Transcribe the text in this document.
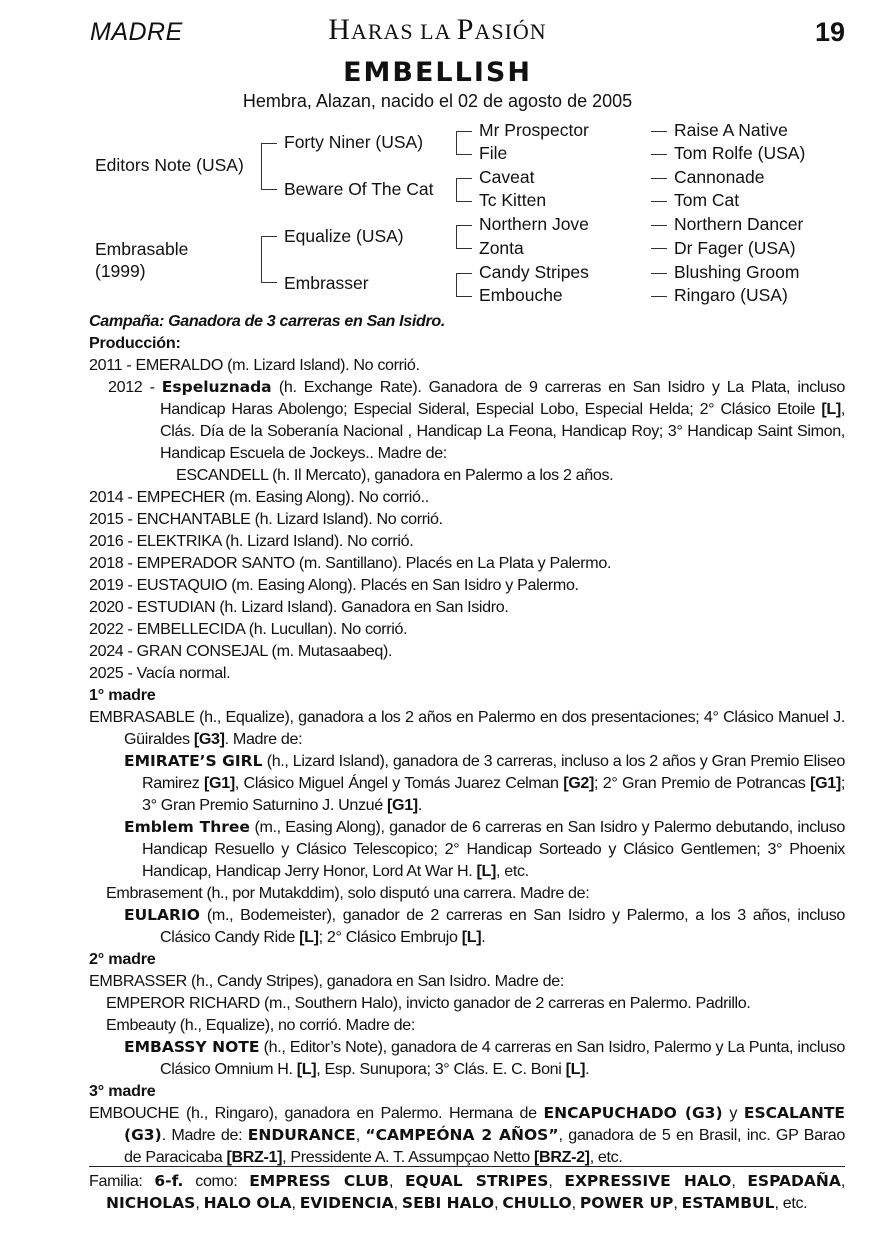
MADRE	HARAS LA PASIÓN	19
EMBELLISH
Hembra, Alazan, nacido el 02 de agosto de 2005
Editors Note (USA)
Embrasable
(1999)
Forty Niner (USA)
Beware Of The Cat
Equalize (USA)
Embrasser
Mr Prospector
File
Caveat
Tc Kitten
Northern Jove
Zonta
Candy Stripes
Embouche
Raise A Native
Tom Rolfe (USA)
Cannonade
Tom Cat
Northern Dancer
Dr Fager (USA)
Blushing Groom
Ringaro (USA)

Campaña: Ganadora de 3 carreras en San Isidro.

Producción:

2011 - EMERALDO (m. Lizard Island). No corrió.

2012 - Espeluznada (h. Exchange Rate). Ganadora de 9 carreras en San Isidro y La Plata, incluso Handicap Haras Abolengo; Especial Sideral, Especial Lobo, Especial Helda; 2° Clásico Etoile [L], Clás. Día de la Soberanía Nacional , Handicap La Feona, Handicap Roy; 3° Handicap Saint Simon, Handicap Escuela de Jockeys.. Madre de:

ESCANDELL (h. Il Mercato), ganadora en Palermo a los 2 años.

2014 - EMPECHER (m. Easing Along). No corrió..

2015 - ENCHANTABLE (h. Lizard Island). No corrió.

2016 - ELEKTRIKA (h. Lizard Island). No corrió.

2018 - EMPERADOR SANTO (m. Santillano). Placés en La Plata y Palermo.

2019 - EUSTAQUIO (m. Easing Along). Placés en San Isidro y Palermo.

2020 - ESTUDIAN (h. Lizard Island). Ganadora en San Isidro.

2022 - EMBELLECIDA (h. Lucullan). No corrió.

2024 - GRAN CONSEJAL (m. Mutasaabeq).

2025 - Vacía normal.

1° madre

EMBRASABLE (h., Equalize), ganadora a los 2 años en Palermo en dos presentaciones; 4° Clásico Manuel J. Güiraldes [G3]. Madre de:

EMIRATE’S GIRL (h., Lizard Island), ganadora de 3 carreras, incluso a los 2 años y Gran Premio Eliseo Ramirez [G1], Clásico Miguel Ángel y Tomás Juarez Celman [G2]; 2° Gran Premio de Potrancas [G1]; 3° Gran Premio Saturnino J. Unzué [G1].

Emblem Three (m., Easing Along), ganador de 6 carreras en San Isidro y Palermo debutando, incluso Handicap Resuello y Clásico Telescopico; 2° Handicap Sorteado y Clásico Gentlemen; 3° Phoenix Handicap, Handicap Jerry Honor, Lord At War H. [L], etc.

Embrasement (h., por Mutakddim), solo disputó una carrera. Madre de:

EULARIO (m., Bodemeister), ganador de 2 carreras en San Isidro y Palermo, a los 3 años, incluso Clásico Candy Ride [L]; 2° Clásico Embrujo [L].

2° madre

EMBRASSER (h., Candy Stripes), ganadora en San Isidro. Madre de:

EMPEROR RICHARD (m., Southern Halo), invicto ganador de 2 carreras en Palermo. Padrillo.

Embeauty (h., Equalize), no corrió. Madre de:

EMBASSY NOTE (h., Editor’s Note), ganadora de 4 carreras en San Isidro, Palermo y La Punta, incluso Clásico Omnium H. [L], Esp. Sunupora; 3° Clás. E. C. Boni [L].

3° madre

EMBOUCHE (h., Ringaro), ganadora en Palermo. Hermana de ENCAPUCHADO (G3) y ESCALANTE (G3). Madre de: ENDURANCE, “CAMPEÓNA 2 AÑOS”, ganadora de 5 en Brasil, inc. GP Barao de Paracicaba [BRZ-1], Pressidente A. T. Assumpçao Netto [BRZ-2], etc.

Familia: 6-f. como: EMPRESS CLUB, EQUAL STRIPES, EXPRESSIVE HALO, ESPADAÑA, NICHOLAS, HALO OLA, EVIDENCIA, SEBI HALO, CHULLO, POWER UP, ESTAMBUL, etc.
